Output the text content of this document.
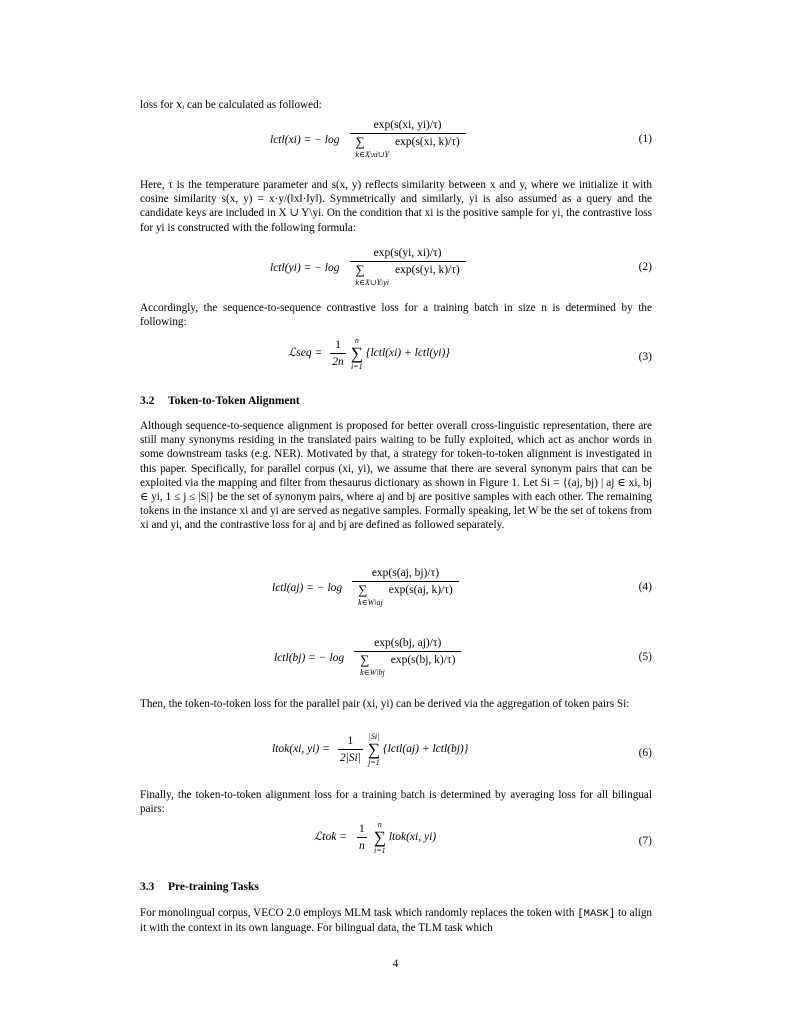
loss for 𝑥ᵢ can be calculated as followed:

lctl(xi) = − log exp(s(xi, yi)/τ)
∑
k∈X\xi∪Y
exp(s(xi, k)/τ)	(1)

Here, τ is the temperature parameter and s(x, y) reflects similarity between x and y, where we initialize it with cosine similarity s(x, y) = x·y/(‖x‖·‖y‖). Symmetrically and similarly, yi is also assumed as a query and the candidate keys are included in X ∪ Y\yi. On the condition that xi is the positive sample for yi, the contrastive loss for yi is constructed with the following formula:

lctl(yi) = − log exp(s(yi, xi)/τ)
∑
k∈X∪Y\yi
exp(s(yi, k)/τ)	(2)

Accordingly, the sequence-to-sequence contrastive loss for a training batch in size n is determined by the following:

ℒseq = $\frac{1}{2n}$ n
∑
i=1
{lctl(xi) + lctl(yi)}	(3)
3.2 Token-to-Token Alignment

Although sequence-to-sequence alignment is proposed for better overall cross-linguistic representation, there are still many synonyms residing in the translated pairs waiting to be fully exploited, which act as anchor words in some downstream tasks (e.g. NER). Motivated by that, a strategy for token-to-token alignment is investigated in this paper. Specifically, for parallel corpus (xi, yi), we assume that there are several synonym pairs that can be exploited via the mapping and filter from thesaurus dictionary as shown in Figure 1. Let Si = {(aj, bj) | aj ∈ xi, bj ∈ yi, 1 ≤ j ≤ |S|} be the set of synonym pairs, where aj and bj are positive samples with each other. The remaining tokens in the instance xi and yi are served as negative samples. Formally speaking, let W be the set of tokens from xi and yi, and the contrastive loss for aj and bj are defined as followed separately.

lctl(aj) = − log exp(s(aj, bj)/τ)
∑
k∈W\aj
exp(s(aj, k)/τ)	(4)
lctl(bj) = − log exp(s(bj, aj)/τ)
∑
k∈W\bj
exp(s(bj, k)/τ)	(5)

Then, the token-to-token loss for the parallel pair (xi, yi) can be derived via the aggregation of token pairs Si:

ltok(xi, $yi) = \frac{1}{2|Si|} |Si|$
∑
j=1
{lctl(aj) + lctl(bj)}	(6)

Finally, the token-to-token alignment loss for a training batch is determined by averaging loss for all bilingual pairs:

ℒtok = $\frac{1}{n}$ n
∑
i=1
ltok(xi, yi)	(7)
3.3 Pre-training Tasks

For monolingual corpus, VECO 2.0 employs MLM task which randomly replaces the token with [MASK] to align it with the context in its own language. For bilingual data, the TLM task which

4
